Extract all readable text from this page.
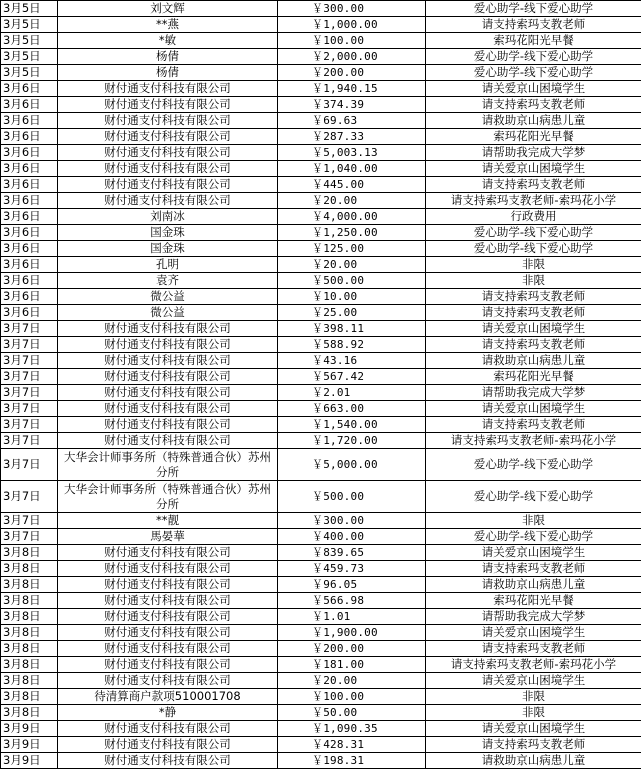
3月5日	刘文辉	￥300.00	爱心助学-线下爱心助学
3月5日	**燕	￥1,000.00	请支持索玛支教老师
3月5日	*敏	￥100.00	索玛花阳光早餐
3月5日	杨倩	￥2,000.00	爱心助学-线下爱心助学
3月5日	杨倩	￥200.00	爱心助学-线下爱心助学
3月6日	财付通支付科技有限公司	￥1,940.15	请关爱京山困境学生
3月6日	财付通支付科技有限公司	￥374.39	请支持索玛支教老师
3月6日	财付通支付科技有限公司	￥69.63	请救助京山病患儿童
3月6日	财付通支付科技有限公司	￥287.33	索玛花阳光早餐
3月6日	财付通支付科技有限公司	￥5,003.13	请帮助我完成大学梦
3月6日	财付通支付科技有限公司	￥1,040.00	请关爱京山困境学生
3月6日	财付通支付科技有限公司	￥445.00	请支持索玛支教老师
3月6日	财付通支付科技有限公司	￥20.00	请支持索玛支教老师-索玛花小学
3月6日	刘南冰	￥4,000.00	行政费用
3月6日	国金珠	￥1,250.00	爱心助学-线下爱心助学
3月6日	国金珠	￥125.00	爱心助学-线下爱心助学
3月6日	孔明	￥20.00	非限
3月6日	袁齐	￥500.00	非限
3月6日	微公益	￥10.00	请支持索玛支教老师
3月6日	微公益	￥25.00	请支持索玛支教老师
3月7日	财付通支付科技有限公司	￥398.11	请关爱京山困境学生
3月7日	财付通支付科技有限公司	￥588.92	请支持索玛支教老师
3月7日	财付通支付科技有限公司	￥43.16	请救助京山病患儿童
3月7日	财付通支付科技有限公司	￥567.42	索玛花阳光早餐
3月7日	财付通支付科技有限公司	￥2.01	请帮助我完成大学梦
3月7日	财付通支付科技有限公司	￥663.00	请关爱京山困境学生
3月7日	财付通支付科技有限公司	￥1,540.00	请支持索玛支教老师
3月7日	财付通支付科技有限公司	￥1,720.00	请支持索玛支教老师-索玛花小学
3月7日	大华会计师事务所（特殊普通合伙）苏州分所	￥5,000.00	爱心助学-线下爱心助学
3月7日	大华会计师事务所（特殊普通合伙）苏州分所	￥500.00	爱心助学-线下爱心助学
3月7日	**靓	￥300.00	非限
3月7日	馬晏華	￥400.00	爱心助学-线下爱心助学
3月8日	财付通支付科技有限公司	￥839.65	请关爱京山困境学生
3月8日	财付通支付科技有限公司	￥459.73	请支持索玛支教老师
3月8日	财付通支付科技有限公司	￥96.05	请救助京山病患儿童
3月8日	财付通支付科技有限公司	￥566.98	索玛花阳光早餐
3月8日	财付通支付科技有限公司	￥1.01	请帮助我完成大学梦
3月8日	财付通支付科技有限公司	￥1,900.00	请关爱京山困境学生
3月8日	财付通支付科技有限公司	￥200.00	请支持索玛支教老师
3月8日	财付通支付科技有限公司	￥181.00	请支持索玛支教老师-索玛花小学
3月8日	财付通支付科技有限公司	￥20.00	请关爱京山困境学生
3月8日	待清算商户款项510001708	￥100.00	非限
3月8日	*静	￥50.00	非限
3月9日	财付通支付科技有限公司	￥1,090.35	请关爱京山困境学生
3月9日	财付通支付科技有限公司	￥428.31	请支持索玛支教老师
3月9日	财付通支付科技有限公司	￥198.31	请救助京山病患儿童
